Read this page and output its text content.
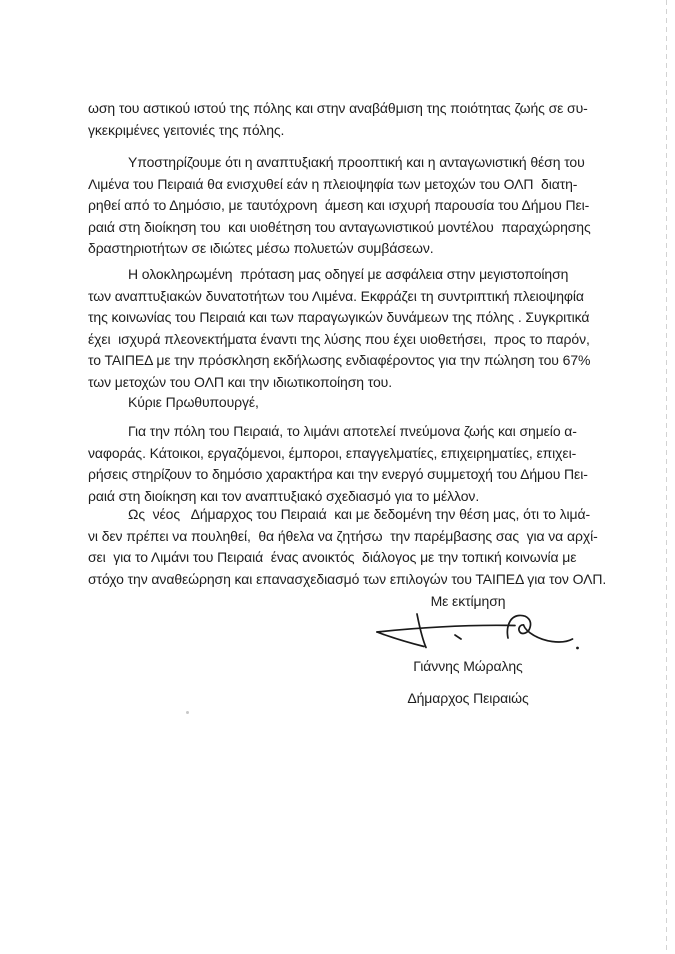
ωση του αστικού ιστού της πόλης και στην αναβάθμιση της ποιότητας ζωής σε συ-
γκεκριμένες γειτονιές της πόλης.
Υποστηρίζουμε ότι η αναπτυξιακή προοπτική και η ανταγωνιστική θέση του
Λιμένα του Πειραιά θα ενισχυθεί εάν η πλειοψηφία των μετοχών του ΟΛΠ  διατη-
ρηθεί από το Δημόσιο, με ταυτόχρονη  άμεση και ισχυρή παρουσία του Δήμου Πει-
ραιά στη διοίκηση του  και υιοθέτηση του ανταγωνιστικού μοντέλου  παραχώρησης
δραστηριοτήτων σε ιδιώτες μέσω πολυετών συμβάσεων.
Η ολοκληρωμένη  πρόταση μας οδηγεί με ασφάλεια στην μεγιστοποίηση
των αναπτυξιακών δυνατοτήτων του Λιμένα. Εκφράζει τη συντριπτική πλειοψηφία
της κοινωνίας του Πειραιά και των παραγωγικών δυνάμεων της πόλης . Συγκριτικά
έχει  ισχυρά πλεονεκτήματα έναντι της λύσης που έχει υιοθετήσει,  προς το παρόν,
το ΤΑΙΠΕΔ με την πρόσκληση εκδήλωσης ενδιαφέροντος για την πώληση του 67%
των μετοχών του ΟΛΠ και την ιδιωτικοποίηση του.
Κύριε Πρωθυπουργέ,
Για την πόλη του Πειραιά, το λιμάνι αποτελεί πνεύμονα ζωής και σημείο α-
ναφοράς. Κάτοικοι, εργαζόμενοι, έμποροι, επαγγελματίες, επιχειρηματίες, επιχει-
ρήσεις στηρίζουν το δημόσιο χαρακτήρα και την ενεργό συμμετοχή του Δήμου Πει-
ραιά στη διοίκηση και τον αναπτυξιακό σχεδιασμό για το μέλλον.
Ως  νέος   Δήμαρχος του Πειραιά  και με δεδομένη την θέση μας, ότι το λιμά-
νι δεν πρέπει να πουληθεί,  θα ήθελα να ζητήσω  την παρέμβασης σας  για να αρχί-
σει  για το Λιμάνι του Πειραιά  ένας ανοικτός  διάλογος με την τοπική κοινωνία με
στόχο την αναθεώρηση και επανασχεδιασμό των επιλογών του ΤΑΙΠΕΔ για τον ΟΛΠ.
Με εκτίμηση
Γιάννης Μώραλης
Δήμαρχος Πειραιώς
